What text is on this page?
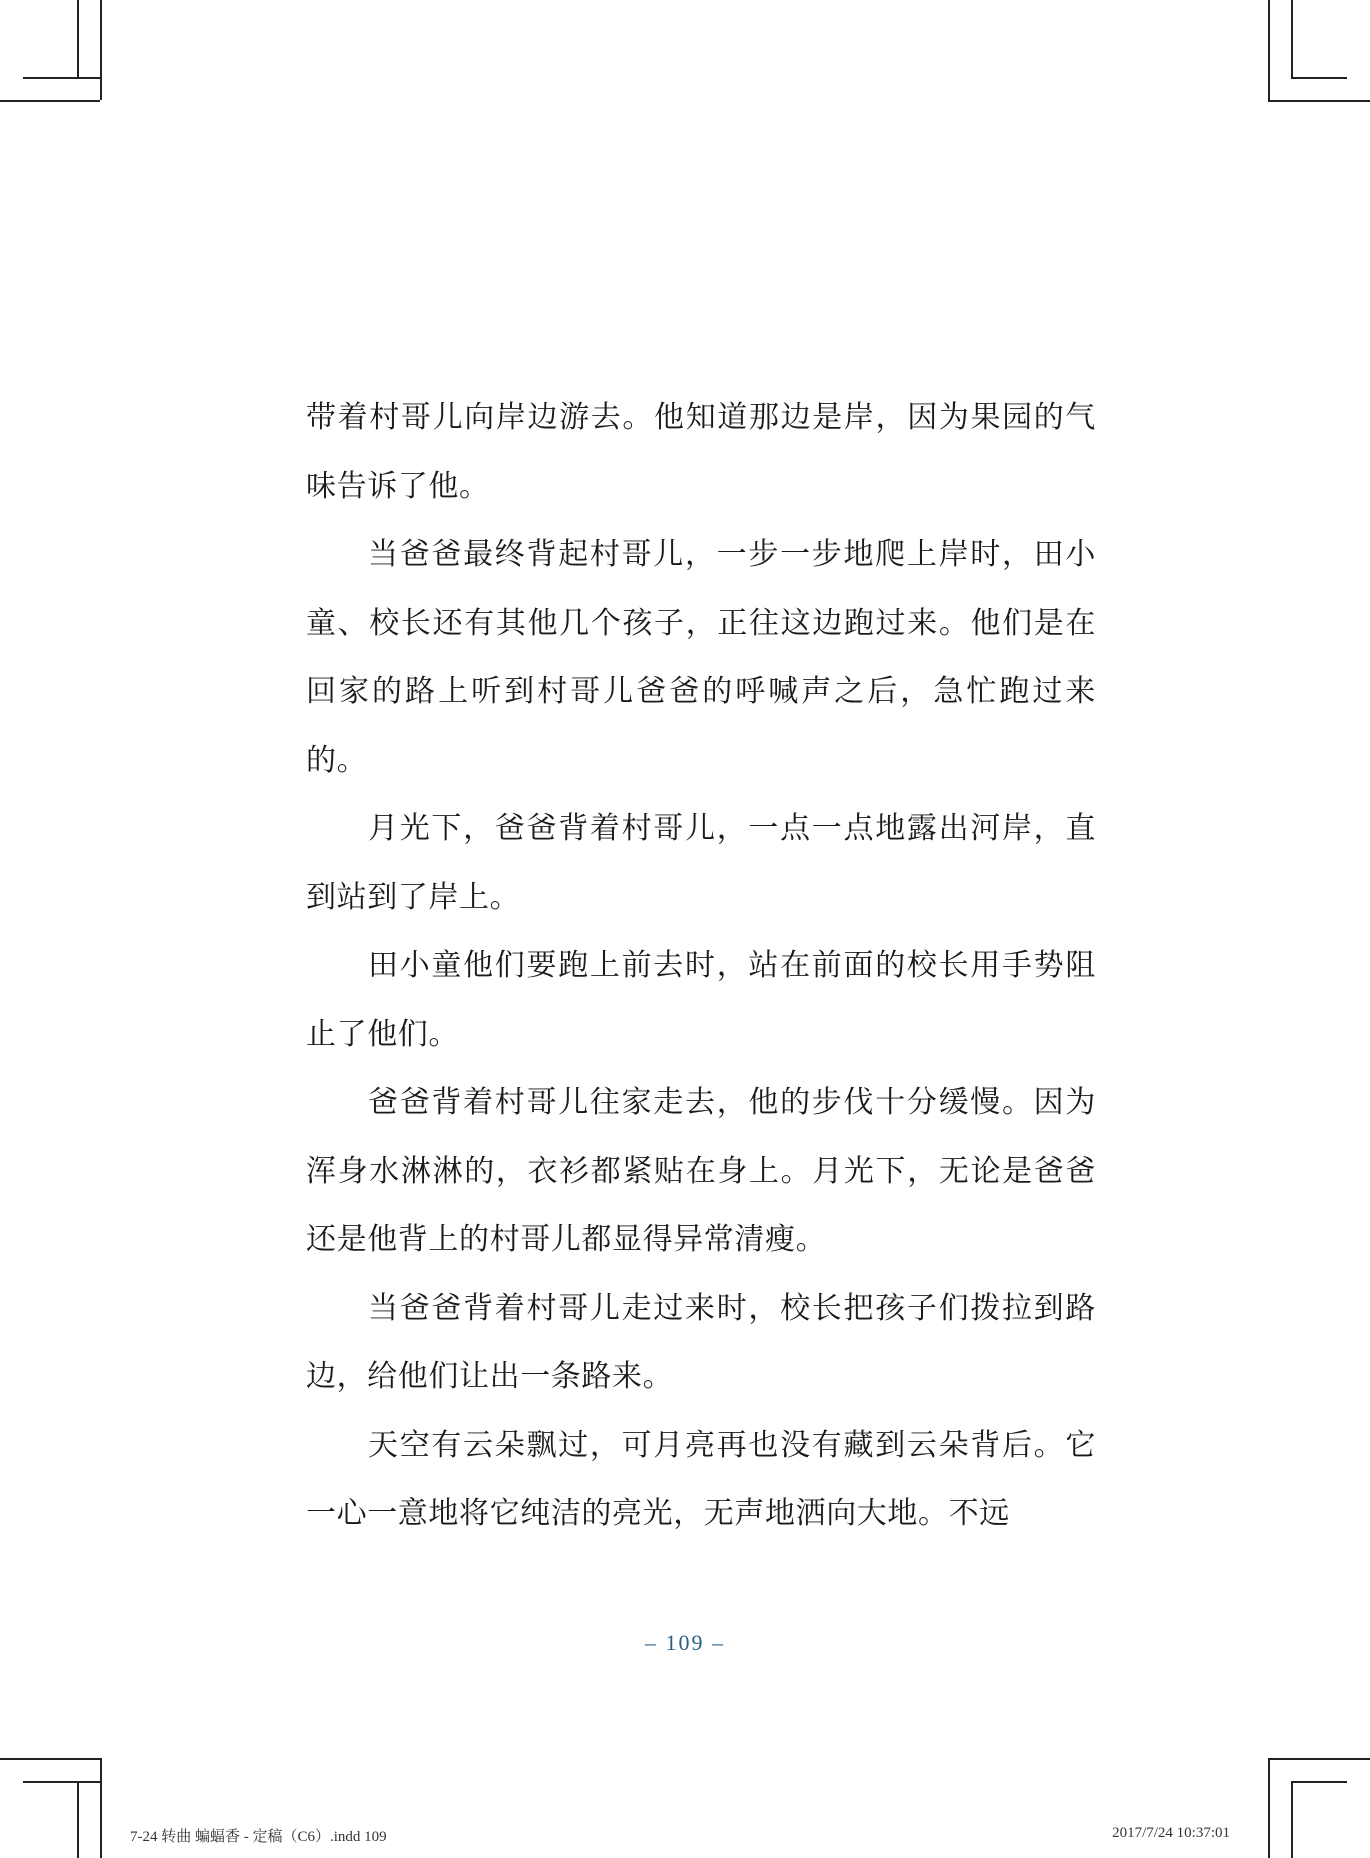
带着村哥儿向岸边游去。他知道那边是岸，因为果园的气味告诉了他。

当爸爸最终背起村哥儿，一步一步地爬上岸时，田小童、校长还有其他几个孩子，正往这边跑过来。他们是在回家的路上听到村哥儿爸爸的呼喊声之后，急忙跑过来的。

月光下，爸爸背着村哥儿，一点一点地露出河岸，直到站到了岸上。

田小童他们要跑上前去时，站在前面的校长用手势阻止了他们。

爸爸背着村哥儿往家走去，他的步伐十分缓慢。因为浑身水淋淋的，衣衫都紧贴在身上。月光下，无论是爸爸还是他背上的村哥儿都显得异常清瘦。

当爸爸背着村哥儿走过来时，校长把孩子们拨拉到路边，给他们让出一条路来。

天空有云朵飘过，可月亮再也没有藏到云朵背后。它一心一意地将它纯洁的亮光，无声地洒向大地。不远

– 109 –
7-24 转曲 蝙蝠香 - 定稿（C6）.indd 109	2017/7/24 10:37:01
